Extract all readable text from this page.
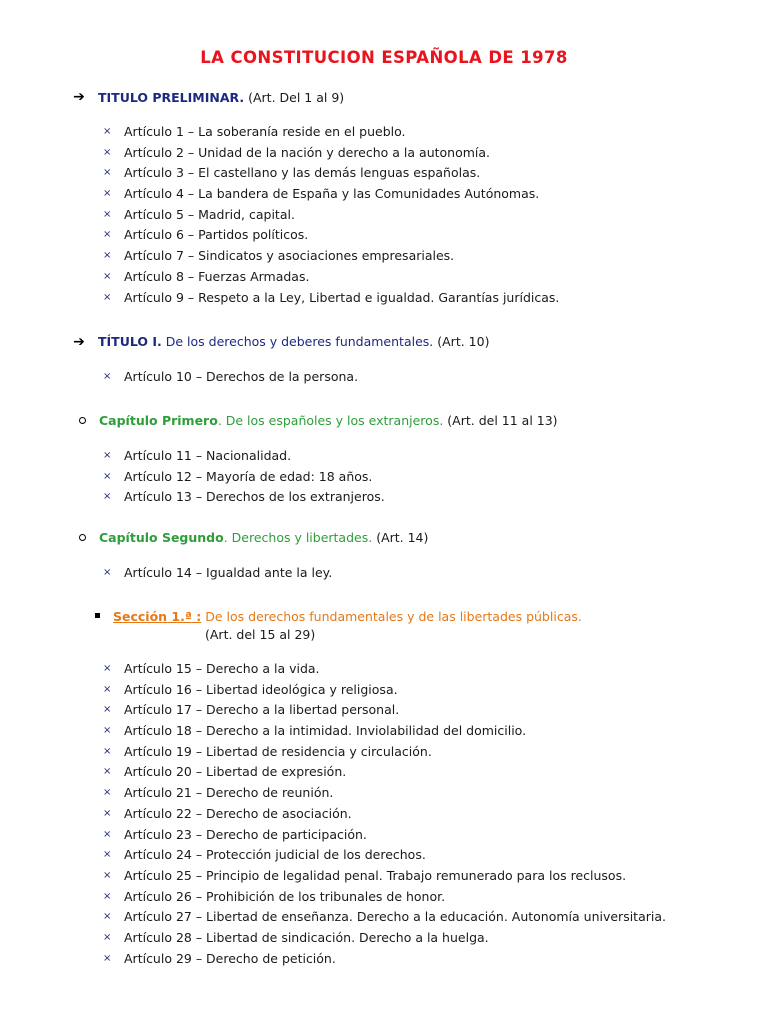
LA CONSTITUCION ESPAÑOLA DE 1978
➔ TITULO PRELIMINAR. (Art. Del 1 al 9)
× Artículo 1 – La soberanía reside en el pueblo.
× Artículo 2 – Unidad de la nación y derecho a la autonomía.
× Artículo 3 – El castellano y las demás lenguas españolas.
× Artículo 4 – La bandera de España y las Comunidades Autónomas.
× Artículo 5 – Madrid, capital.
× Artículo 6 – Partidos políticos.
× Artículo 7 – Sindicatos y asociaciones empresariales.
× Artículo 8 – Fuerzas Armadas.
× Artículo 9 – Respeto a la Ley, Libertad e igualdad. Garantías jurídicas.
➔ TÍTULO I. De los derechos y deberes fundamentales. (Art. 10)
× Artículo 10 – Derechos de la persona.
Capítulo Primero. De los españoles y los extranjeros. (Art. del 11 al 13)
× Artículo 11 – Nacionalidad.
× Artículo 12 – Mayoría de edad: 18 años.
× Artículo 13 – Derechos de los extranjeros.
Capítulo Segundo. Derechos y libertades. (Art. 14)
× Artículo 14 – Igualdad ante la ley.
Sección 1.ª : De los derechos fundamentales y de las libertades públicas.
(Art. del 15 al 29)
× Artículo 15 – Derecho a la vida.
× Artículo 16 – Libertad ideológica y religiosa.
× Artículo 17 – Derecho a la libertad personal.
× Artículo 18 – Derecho a la intimidad. Inviolabilidad del domicilio.
× Artículo 19 – Libertad de residencia y circulación.
× Artículo 20 – Libertad de expresión.
× Artículo 21 – Derecho de reunión.
× Artículo 22 – Derecho de asociación.
× Artículo 23 – Derecho de participación.
× Artículo 24 – Protección judicial de los derechos.
× Artículo 25 – Principio de legalidad penal. Trabajo remunerado para los reclusos.
× Artículo 26 – Prohibición de los tribunales de honor.
× Artículo 27 – Libertad de enseñanza. Derecho a la educación. Autonomía universitaria.
× Artículo 28 – Libertad de sindicación. Derecho a la huelga.
× Artículo 29 – Derecho de petición.
